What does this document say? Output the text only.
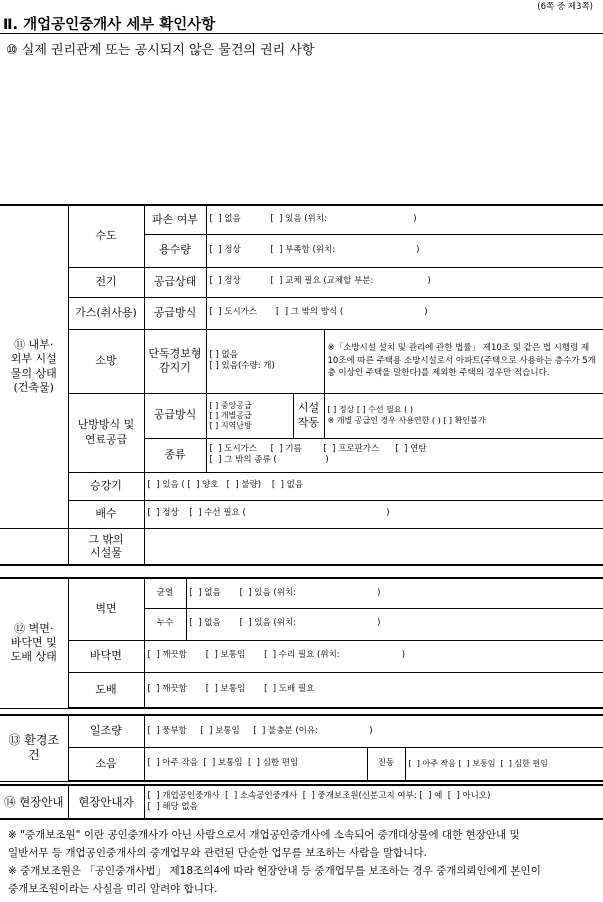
(6쪽 중 제3쪽)
Ⅱ. 개업공인중개사 세부 확인사항
⑩ 실제 권리관계 또는 공시되지 않은 물건의 권리 사항
⑪ 내부·
외부 시설
물의 상태
(건축물)	수도	파손 여부	[  ] 없음           [  ] 있음 (위치:                                )		
		용수량	[  ] 정상           [  ] 부족함 (위치:                              )		
	전기	공급상태	[  ] 정상           [  ] 교체 필요 (교체할 부분:                    )		
	가스(취사용)	공급방식	[  ] 도시가스       [  ] 그 밖의 방식 (                              )		
	소방	단독경보형
감지기	[ ] 없음
[ ] 있음(수량: 개)		※「소방시설 설치 및 관리에 관한 법률」 제10조 및 같은 법 시행령 제10조에 따른 주택용 소방시설로서 아파트(주택으로 사용하는 층수가 5개층 이상인 주택을 말한다)를 제외한 주택의 경우만 적습니다.
	난방방식 및
연료공급	공급방식	[ ] 중앙공급
[ ] 개별공급
[ ] 지역난방	시설작동	[ ] 정상 [ ] 수선 필요 ( )
※ 개별 공급인 경우 사용연한 ( ) [ ] 확인불가
		종류	[  ] 도시가스     [  ] 기름        [  ] 프로판가스      [  ] 연탄
[  ] 그 밖의 종류 (                  )		
	승강기	[  ] 있음 ( [  ] 양호   [  ] 불량)    [  ] 없음			
	배수	[  ] 정상    [  ] 수선 필요 (                                                    )			
	그 밖의
시설물				
⑫ 벽면·
바닥면 및
도배 상태	벽면	균열	[  ] 없음       [  ] 있음 (위치:                              )
		누수	[  ] 없음       [  ] 있음 (위치:                              )
	바닥면	[  ] 깨끗함       [  ] 보통임       [  ] 수리 필요 (위치:                       )	
	도배	[  ] 깨끗함       [  ] 보통임       [  ] 도배 필요	
⑬ 환경조건	일조량	[  ] 풍부함     [  ] 보통임     [  ] 불충분 (이유:                   )		
	소음	[  ] 아주 작음  [  ] 보통임  [  ] 심한 편임	진동	[  ] 아주 작음 [  ] 보통임  [  ] 심한 편임
⑭ 현장안내	현장안내자	[  ] 개업공인중개사  [  ] 소속공인중개사  [  ] 중개보조원(신분고지 여부: [  ] 예  [  ] 아니오)
[  ] 해당 없음
※ "중개보조원" 이란 공인중개사가 아닌 사람으로서 개업공인중개사에 소속되어 중개대상물에 대한 현장안내 및
일반서무 등 개업공인중개사의 중개업무와 관련된 단순한 업무를 보조하는 사람을 말합니다.
※ 중개보조원은 「공인중개사법」 제18조의4에 따라 현장안내 등 중개업무를 보조하는 경우 중개의뢰인에게 본인이
중개보조원이라는 사실을 미리 알려야 합니다.
